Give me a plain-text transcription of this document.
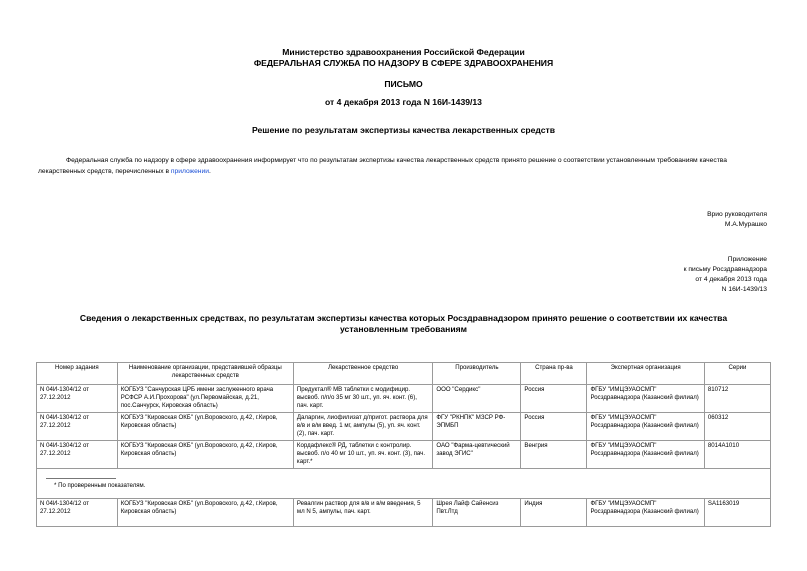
Министерство здравоохранения Российской Федерации
ФЕДЕРАЛЬНАЯ СЛУЖБА ПО НАДЗОРУ В СФЕРЕ ЗДРАВООХРАНЕНИЯ
ПИСЬМО
от 4 декабря 2013 года N 16И-1439/13
Решение по результатам экспертизы качества лекарственных средств
Федеральная служба по надзору в сфере здравоохранения информирует что по результатам экспертизы качества лекарственных средств принято решение о соответствии установленным требованиям качества лекарственных средств, перечисленных в приложении.
Врио руководителя
М.А.Мурашко
Приложение
к письму Росздравнадзора
от 4 декабря 2013 года
N 16И-1439/13
Сведения о лекарственных средствах, по результатам экспертизы качества которых Росздравнадзором принято решение о соответствии их качества установленным требованиям
Номер задания	Наименование организации, представившей образцы лекарственных средств	Лекарственное средство	Производитель	Страна пр-ва	Экспертная организация	Серии
N 04И-1304/12 от 27.12.2012	КОГБУЗ "Санчурская ЦРБ имени заслуженного врача РСФСР А.И.Прохорова" (ул.Первомайская, д.21, пос.Санчурск, Кировская область)	Предуктал® МВ таблетки с модифицир. высвоб. п/п/о 35 мг 30 шт., уп. яч. конт. (6), пач. карт.	ООО "Сердикс"	Россия	ФГБУ "ИМЦЭУАОСМП" Росздравнадзора (Казанский филиал)	810712
N 04И-1304/12 от 27.12.2012	КОГБУЗ "Кировская ОКБ" (ул.Воровского, д.42, г.Киров, Кировская область)	Даларгин, лиофилизат д/пригот. раствора для в/в и в/м введ. 1 мг, ампулы (5), уп. яч. конт. (2), пач. карт.	ФГУ "РКНПК" МЗСР РФ-ЭПМБП	Россия	ФГБУ "ИМЦЭУАОСМП" Росздравнадзора (Казанский филиал)	060312
N 04И-1304/12 от 27.12.2012	КОГБУЗ "Кировская ОКБ" (ул.Воровского, д.42, г.Киров, Кировская область)	Кордафлекс® РД, таблетки с контролир. высвоб. п/о 40 мг 10 шт., уп. яч. конт. (3), пач. карт.*	ОАО "Фарма-цевтический завод ЭГИС"	Венгрия	ФГБУ "ИМЦЭУАОСМП" Росздравнадзора (Казанский филиал)	8014А1010

* По проверенным показателям.						

N 04И-1304/12 от 27.12.2012	КОГБУЗ "Кировская ОКБ" (ул.Воровского, д.42, г.Киров, Кировская область)	Ревалгин раствор для в/в и в/м введения, 5 мл N 5, ампулы, пач. карт.	Шрея Лайф Сайенсиз Пвт.Лтд	Индия	ФГБУ "ИМЦЭУАОСМП" Росздравнадзора (Казанский филиал)	SA1163019
